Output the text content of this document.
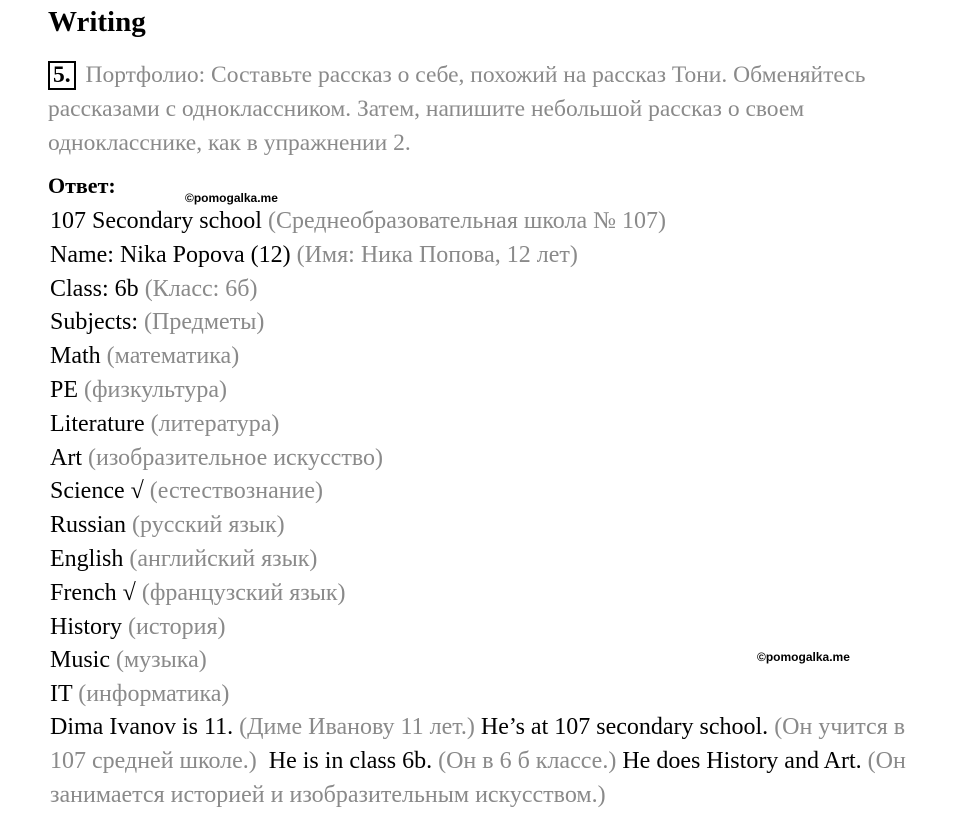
Writing
5. Портфолио: Составьте рассказ о себе, похожий на рассказ Тони. Обменяйтесь рассказами с одноклассником. Затем, напишите небольшой рассказ о своем однокласснике, как в упражнении 2.
Ответ:	©pomogalka.me
©pomogalka.me
107 Secondary school (Среднеобразовательная школа № 107)
Name: Nika Popova (12) (Имя: Ника Попова, 12 лет)
Class: 6b (Класс: 6б)
Subjects: (Предметы)
Math (математика)
PE (физкультура)
Literature (литература)
Art (изобразительное искусство)
Science √ (естествознание)
Russian (русский язык)
English (английский язык)
French √ (французский язык)
History (история)
Music (музыка)
IT (информатика)
Dima Ivanov is 11. (Диме Иванову 11 лет.) He’s at 107 secondary school. (Он учится в 107 средней школе.) He is in class 6b. (Он в 6 б классе.) He does History and Art. (Он занимается историей и изобразительным искусством.)
